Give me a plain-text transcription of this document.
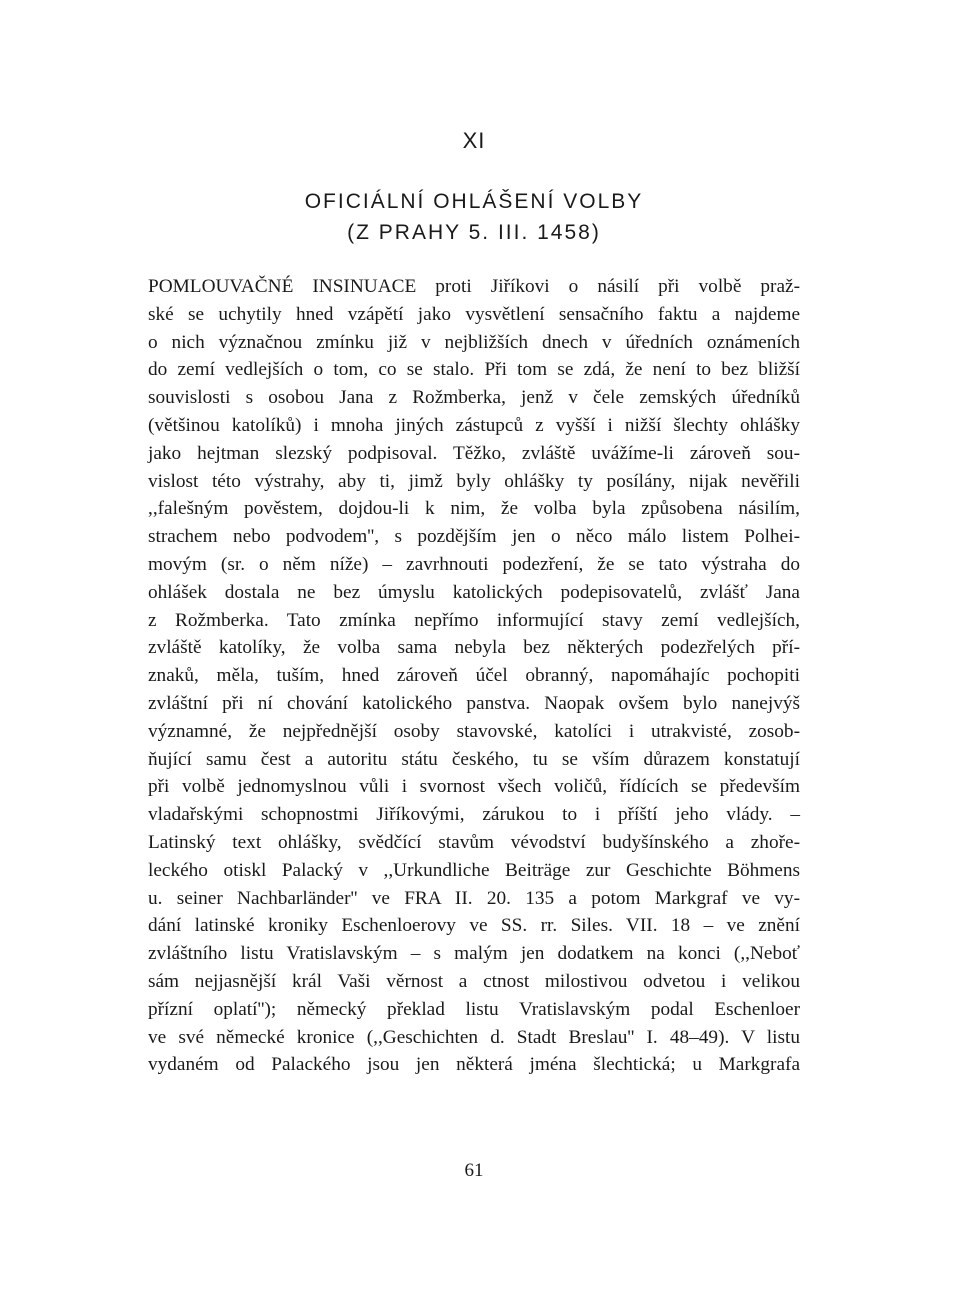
XI
OFICIÁLNÍ OHLÁŠENÍ VOLBY
(Z PRAHY 5. III. 1458)
POMLOUVAČNÉ INSINUACE proti Jiříkovi o násilí při volbě praž-
ské se uchytily hned vzápětí jako vysvětlení sensačního faktu a najdeme
o nich význačnou zmínku již v nejbližších dnech v úředních oznámeních
do zemí vedlejších o tom, co se stalo. Při tom se zdá, že není to bez bližší
souvislosti s osobou Jana z Rožmberka, jenž v čele zemských úředníků
(většinou katolíků) i mnoha jiných zástupců z vyšší i nižší šlechty ohlášky
jako hejtman slezský podpisoval. Těžko, zvláště uvážíme-li zároveň sou-
vislost této výstrahy, aby ti, jimž byly ohlášky ty posílány, nijak nevěřili
,,falešným pověstem, dojdou-li k nim, že volba byla způsobena násilím,
strachem nebo podvodem'', s pozdějším jen o něco málo listem Polhei-
movým (sr. o něm níže) – zavrhnouti podezření, že se tato výstraha do
ohlášek dostala ne bez úmyslu katolických podepisovatelů, zvlášť Jana
z Rožmberka. Tato zmínka nepřímo informující stavy zemí vedlejších,
zvláště katolíky, že volba sama nebyla bez některých podezřelých pří-
znaků, měla, tuším, hned zároveň účel obranný, napomáhajíc pochopiti
zvláštní při ní chování katolického panstva. Naopak ovšem bylo nanejvýš
významné, že nejpřednější osoby stavovské, katolíci i utrakvisté, zosob-
ňující samu čest a autoritu státu českého, tu se vším důrazem konstatují
při volbě jednomyslnou vůli i svornost všech voličů, řídících se především
vladařskými schopnostmi Jiříkovými, zárukou to i příští jeho vlády. –
Latinský text ohlášky, svědčící stavům vévodství budyšínského a zhoře-
leckého otiskl Palacký v ,,Urkundliche Beiträge zur Geschichte Böhmens
u. seiner Nachbarländer'' ve FRA II. 20. 135 a potom Markgraf ve vy-
dání latinské kroniky Eschenloerovy ve SS. rr. Siles. VII. 18 – ve znění
zvláštního listu Vratislavským – s malým jen dodatkem na konci (,,Neboť
sám nejjasnější král Vaši věrnost a ctnost milostivou odvetou i velikou
přízní oplatí''); německý překlad listu Vratislavským podal Eschenloer
ve své německé kronice (,,Geschichten d. Stadt Breslau'' I. 48–49). V listu
vydaném od Palackého jsou jen některá jména šlechtická; u Markgrafa
61
